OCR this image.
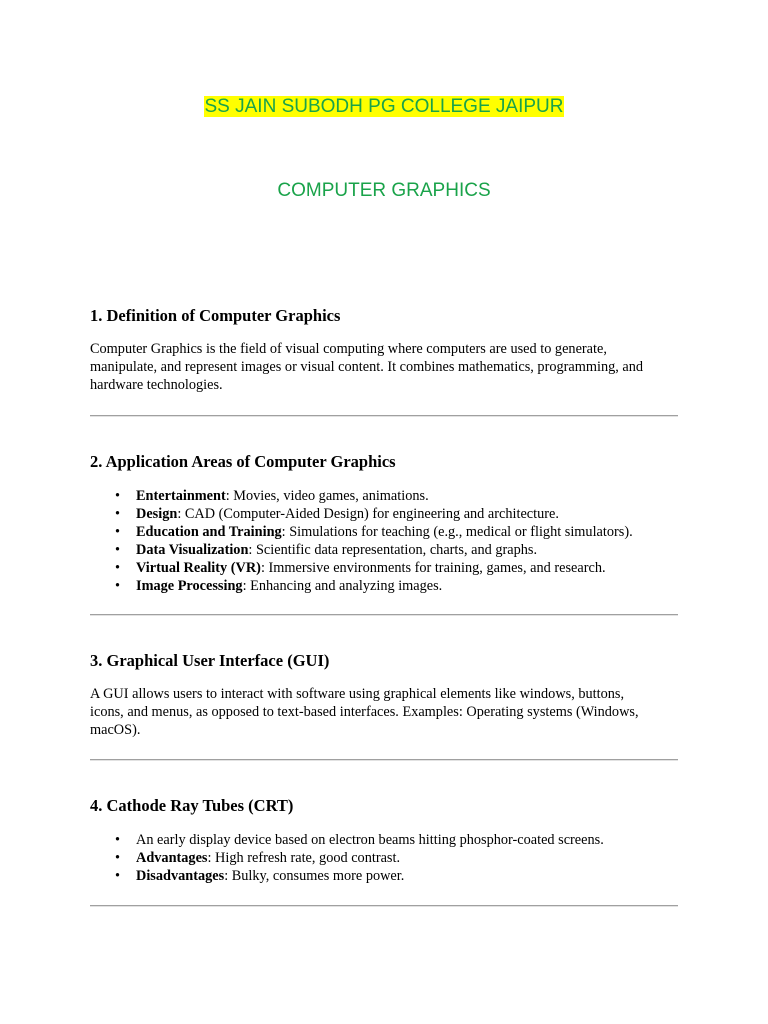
SS JAIN SUBODH PG COLLEGE JAIPUR
COMPUTER GRAPHICS
1. Definition of Computer Graphics

Computer Graphics is the field of visual computing where computers are used to generate,
manipulate, and represent images or visual content. It combines mathematics, programming, and
hardware technologies.

2. Application Areas of Computer Graphics
• Entertainment: Movies, video games, animations.
• Design: CAD (Computer-Aided Design) for engineering and architecture.
• Education and Training: Simulations for teaching (e.g., medical or flight simulators).
• Data Visualization: Scientific data representation, charts, and graphs.
• Virtual Reality (VR): Immersive environments for training, games, and research.
• Image Processing: Enhancing and analyzing images.
3. Graphical User Interface (GUI)

A GUI allows users to interact with software using graphical elements like windows, buttons,
icons, and menus, as opposed to text-based interfaces. Examples: Operating systems (Windows,
macOS).

4. Cathode Ray Tubes (CRT)
• An early display device based on electron beams hitting phosphor-coated screens.
• Advantages: High refresh rate, good contrast.
• Disadvantages: Bulky, consumes more power.
